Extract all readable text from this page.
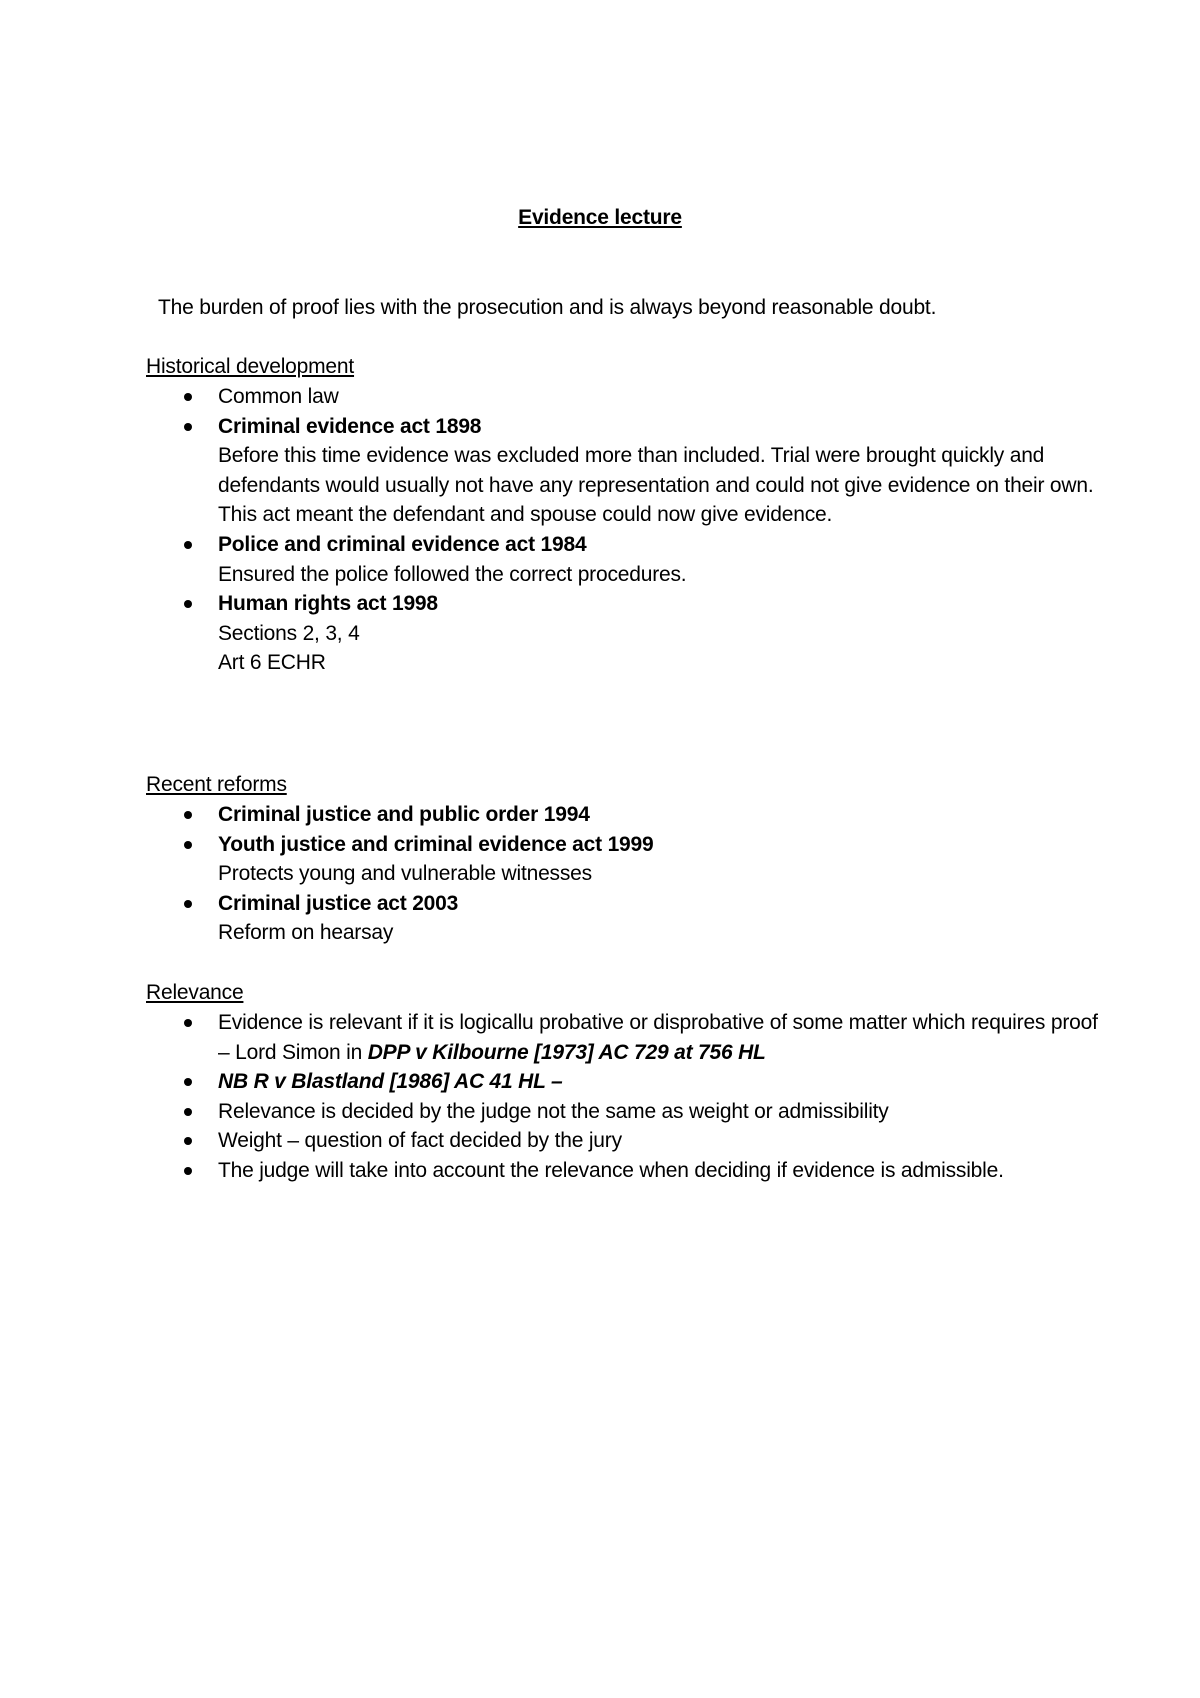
Evidence lecture
The burden of proof lies with the prosecution and is always beyond reasonable doubt.
Historical development
Common law
Criminal evidence act 1898
Before this time evidence was excluded more than included. Trial were brought quickly and defendants would usually not have any representation and could not give evidence on their own.
This act meant the defendant and spouse could now give evidence.
Police and criminal evidence act 1984
Ensured the police followed the correct procedures.
Human rights act 1998
Sections 2, 3, 4
Art 6 ECHR
Recent reforms
Criminal justice and public order 1994
Youth justice and criminal evidence act 1999
Protects young and vulnerable witnesses
Criminal justice act 2003
Reform on hearsay
Relevance
Evidence is relevant if it is logicallu probative or disprobative of some matter which requires proof – Lord Simon in DPP v Kilbourne [1973] AC 729 at 756 HL
NB R v Blastland [1986] AC 41 HL –
Relevance is decided by the judge not the same as weight or admissibility
Weight – question of fact decided by the jury
The judge will take into account the relevance when deciding if evidence is admissible.
